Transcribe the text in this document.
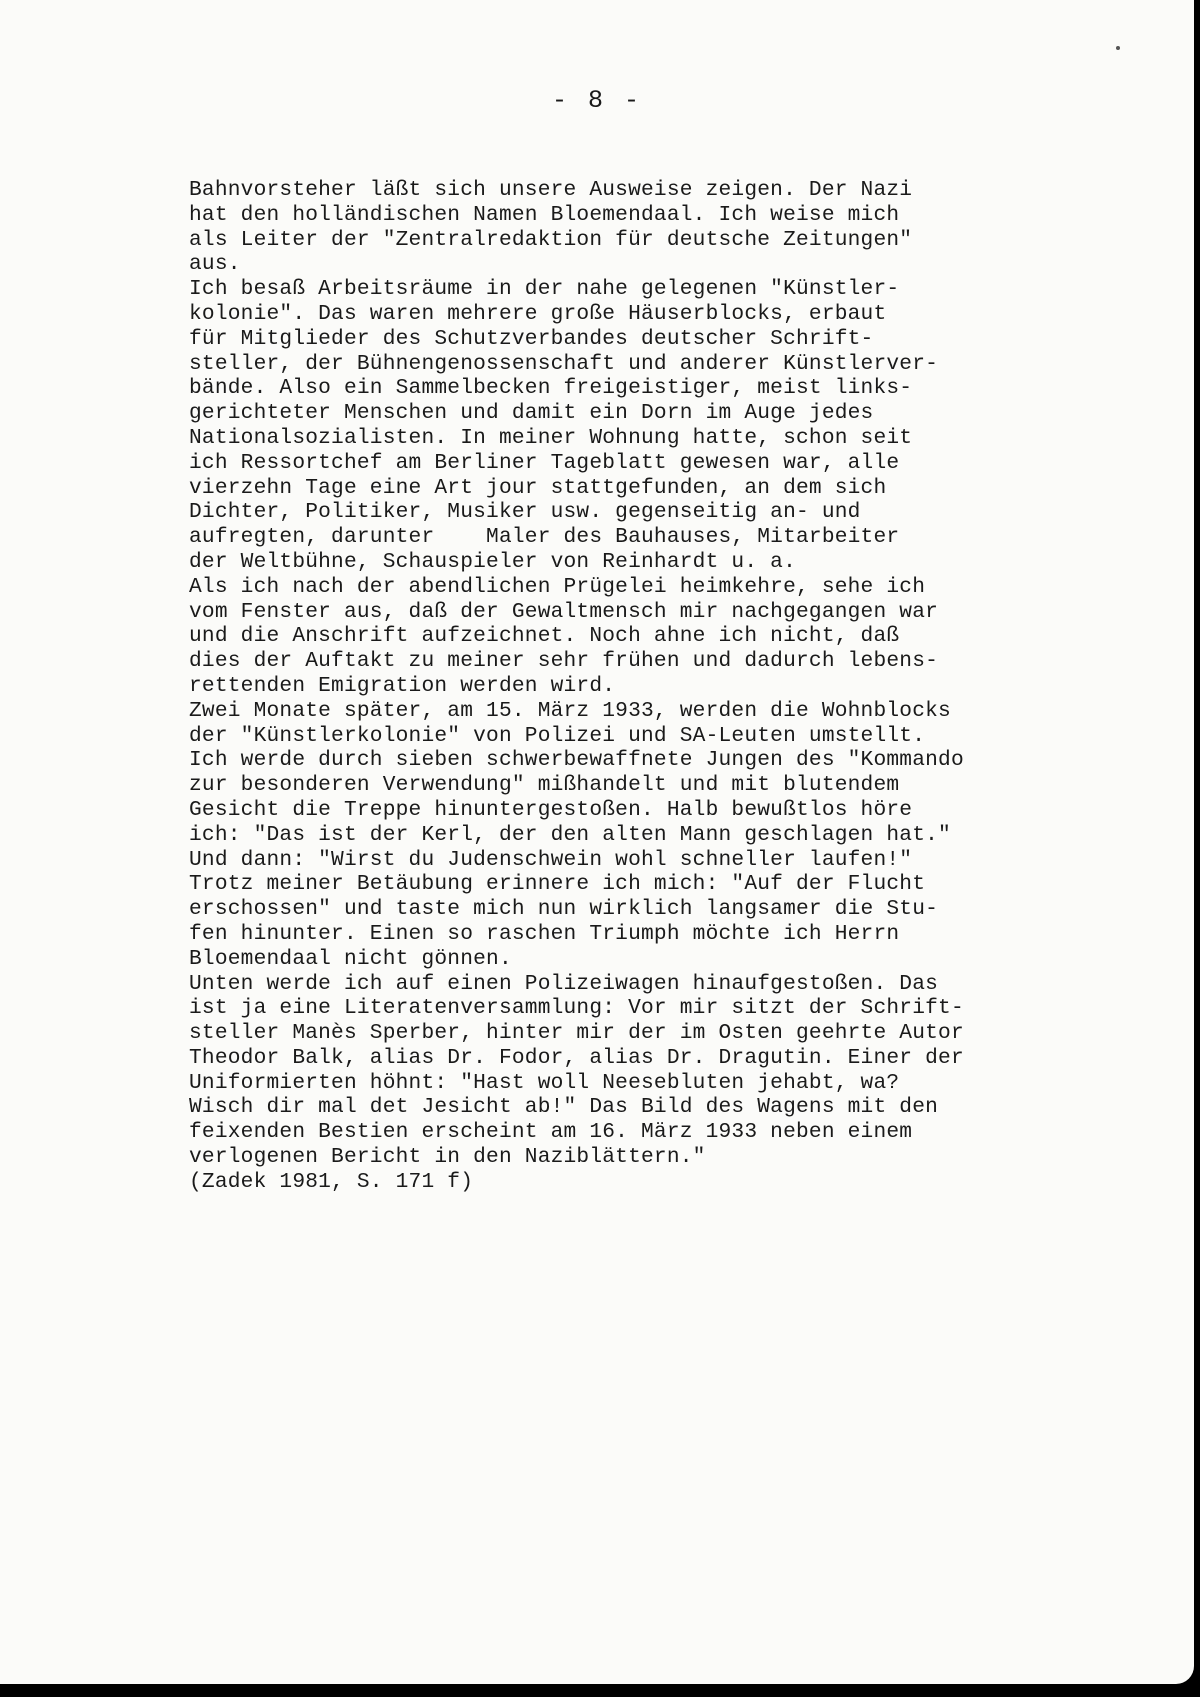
- 8 -
Bahnvorsteher läßt sich unsere Ausweise zeigen. Der Nazi
hat den holländischen Namen Bloemendaal. Ich weise mich
als Leiter der "Zentralredaktion für deutsche Zeitungen"
aus.
Ich besaß Arbeitsräume in der nahe gelegenen "Künstler-
kolonie". Das waren mehrere große Häuserblocks, erbaut
für Mitglieder des Schutzverbandes deutscher Schrift-
steller, der Bühnengenossenschaft und anderer Künstlerver-
bände. Also ein Sammelbecken freigeistiger, meist links-
gerichteter Menschen und damit ein Dorn im Auge jedes
Nationalsozialisten. In meiner Wohnung hatte, schon seit
ich Ressortchef am Berliner Tageblatt gewesen war, alle
vierzehn Tage eine Art jour stattgefunden, an dem sich
Dichter, Politiker, Musiker usw. gegenseitig an- und
aufregten, darunter    Maler des Bauhauses, Mitarbeiter
der Weltbühne, Schauspieler von Reinhardt u. a.
Als ich nach der abendlichen Prügelei heimkehre, sehe ich
vom Fenster aus, daß der Gewaltmensch mir nachgegangen war
und die Anschrift aufzeichnet. Noch ahne ich nicht, daß
dies der Auftakt zu meiner sehr frühen und dadurch lebens-
rettenden Emigration werden wird.
Zwei Monate später, am 15. März 1933, werden die Wohnblocks
der "Künstlerkolonie" von Polizei und SA-Leuten umstellt.
Ich werde durch sieben schwerbewaffnete Jungen des "Kommando
zur besonderen Verwendung" mißhandelt und mit blutendem
Gesicht die Treppe hinuntergestoßen. Halb bewußtlos höre
ich: "Das ist der Kerl, der den alten Mann geschlagen hat."
Und dann: "Wirst du Judenschwein wohl schneller laufen!"
Trotz meiner Betäubung erinnere ich mich: "Auf der Flucht
erschossen" und taste mich nun wirklich langsamer die Stu-
fen hinunter. Einen so raschen Triumph möchte ich Herrn
Bloemendaal nicht gönnen.
Unten werde ich auf einen Polizeiwagen hinaufgestoßen. Das
ist ja eine Literatenversammlung: Vor mir sitzt der Schrift-
steller Manès Sperber, hinter mir der im Osten geehrte Autor
Theodor Balk, alias Dr. Fodor, alias Dr. Dragutin. Einer der
Uniformierten höhnt: "Hast woll Neesebluten jehabt, wa?
Wisch dir mal det Jesicht ab!" Das Bild des Wagens mit den
feixenden Bestien erscheint am 16. März 1933 neben einem
verlogenen Bericht in den Naziblättern."
(Zadek 1981, S. 171 f)
